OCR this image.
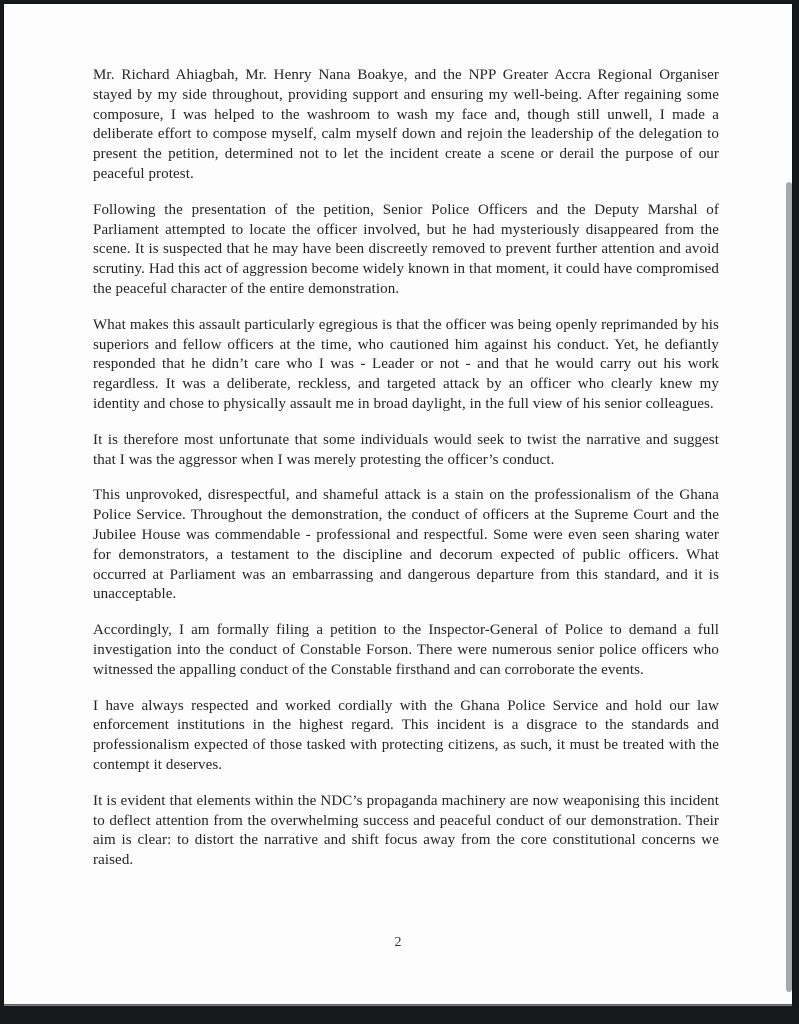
Mr. Richard Ahiagbah, Mr. Henry Nana Boakye, and the NPP Greater Accra Regional Organiser stayed by my side throughout, providing support and ensuring my well-being. After regaining some composure, I was helped to the washroom to wash my face and, though still unwell, I made a deliberate effort to compose myself, calm myself down and rejoin the leadership of the delegation to present the petition, determined not to let the incident create a scene or derail the purpose of our peaceful protest.

Following the presentation of the petition, Senior Police Officers and the Deputy Marshal of Parliament attempted to locate the officer involved, but he had mysteriously disappeared from the scene. It is suspected that he may have been discreetly removed to prevent further attention and avoid scrutiny. Had this act of aggression become widely known in that moment, it could have compromised the peaceful character of the entire demonstration.

What makes this assault particularly egregious is that the officer was being openly reprimanded by his superiors and fellow officers at the time, who cautioned him against his conduct. Yet, he defiantly responded that he didn’t care who I was - Leader or not - and that he would carry out his work regardless. It was a deliberate, reckless, and targeted attack by an officer who clearly knew my identity and chose to physically assault me in broad daylight, in the full view of his senior colleagues.

It is therefore most unfortunate that some individuals would seek to twist the narrative and suggest that I was the aggressor when I was merely protesting the officer’s conduct.

This unprovoked, disrespectful, and shameful attack is a stain on the professionalism of the Ghana Police Service. Throughout the demonstration, the conduct of officers at the Supreme Court and the Jubilee House was commendable - professional and respectful. Some were even seen sharing water for demonstrators, a testament to the discipline and decorum expected of public officers. What occurred at Parliament was an embarrassing and dangerous departure from this standard, and it is unacceptable.

Accordingly, I am formally filing a petition to the Inspector-General of Police to demand a full investigation into the conduct of Constable Forson. There were numerous senior police officers who witnessed the appalling conduct of the Constable firsthand and can corroborate the events.

I have always respected and worked cordially with the Ghana Police Service and hold our law enforcement institutions in the highest regard. This incident is a disgrace to the standards and professionalism expected of those tasked with protecting citizens, as such, it must be treated with the contempt it deserves.

It is evident that elements within the NDC’s propaganda machinery are now weaponising this incident to deflect attention from the overwhelming success and peaceful conduct of our demonstration. Their aim is clear: to distort the narrative and shift focus away from the core constitutional concerns we raised.

2
